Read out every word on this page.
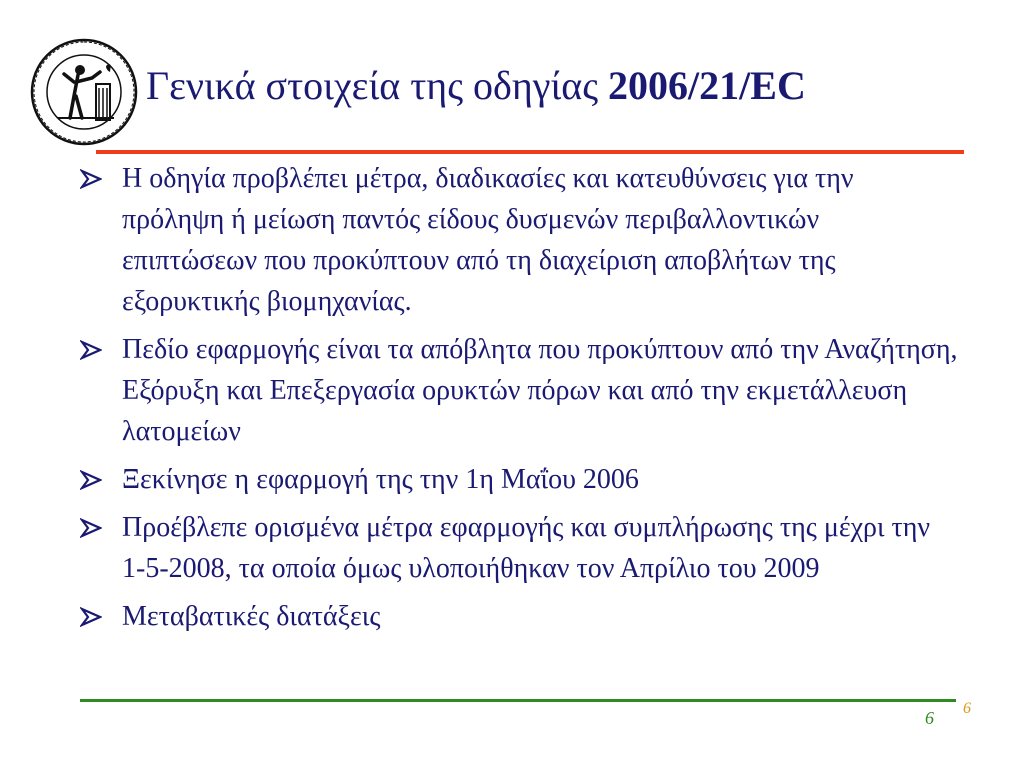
Γενικά στοιχεία της οδηγίας 2006/21/EC
Η οδηγία προβλέπει μέτρα, διαδικασίες και κατευθύνσεις για την πρόληψη ή μείωση παντός είδους δυσμενών περιβαλλοντικών επιπτώσεων που προκύπτουν από τη διαχείριση αποβλήτων της εξορυκτικής βιομηχανίας.
Πεδίο εφαρμογής είναι τα απόβλητα που προκύπτουν από την Αναζήτηση, Εξόρυξη και Επεξεργασία ορυκτών πόρων και από την εκμετάλλευση λατομείων
Ξεκίνησε η εφαρμογή της την 1η Μαΐου 2006
Προέβλεπε ορισμένα μέτρα εφαρμογής και συμπλήρωσης της μέχρι την 1-5-2008, τα οποία όμως υλοποιήθηκαν τον Απρίλιο του 2009
Μεταβατικές διατάξεις
6 6
